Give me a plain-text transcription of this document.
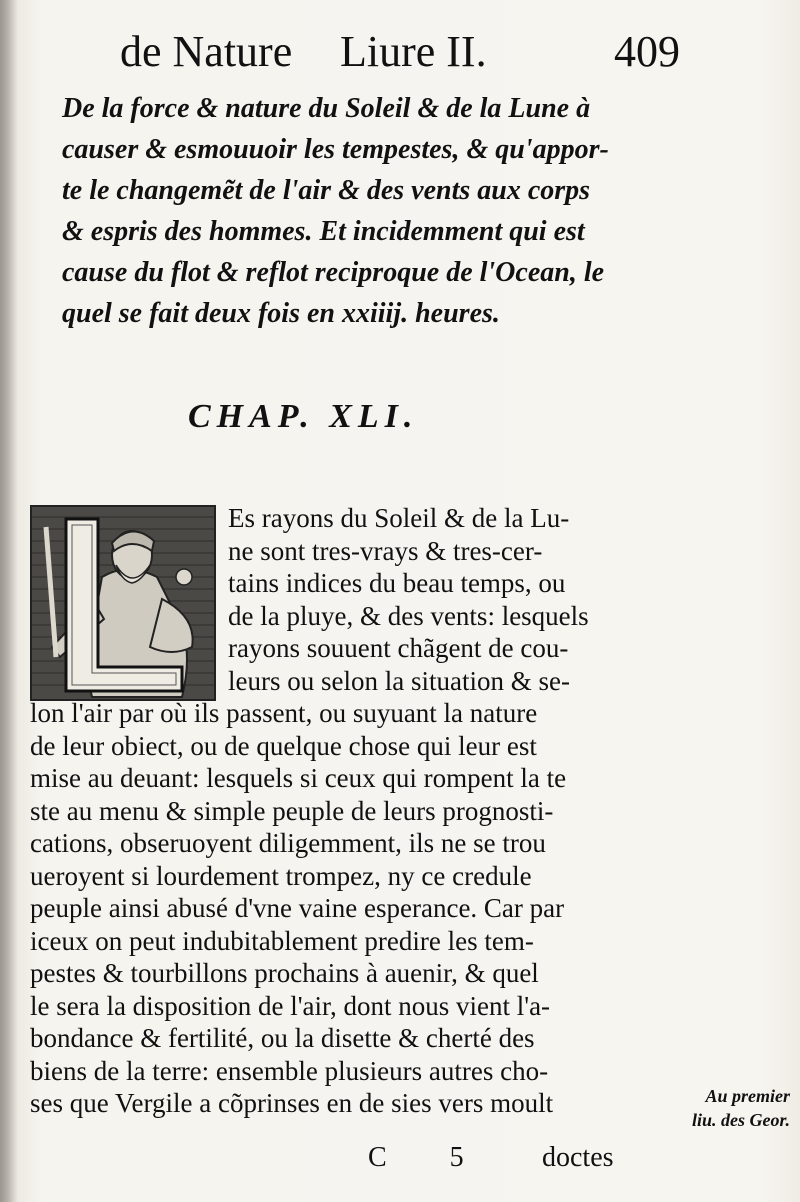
de Nature Liure II.	409
De la force & nature du Soleil & de la Lune à
causer & esmouuoir les tempestes, & qu'appor-
te le changemẽt de l'air & des vents aux corps
& espris des hommes. Et incidemment qui est
cause du flot & reflot reciproque de l'Ocean, le
quel se fait deux fois en xxiiij. heures.
CHAP. XLI.
Es rayons du Soleil & de la Lu-
ne sont tres-vrays & tres-cer-
tains indices du beau temps, ou
de la pluye, & des vents: lesquels
rayons souuent chãgent de cou-
leurs ou selon la situation & se-
lon l'air par où ils passent, ou suyuant la nature
de leur obiect, ou de quelque chose qui leur est
mise au deuant: lesquels si ceux qui rompent la te
ste au menu & simple peuple de leurs prognosti-
cations, obseruoyent diligemment, ils ne se trou
ueroyent si lourdement trompez, ny ce credule
peuple ainsi abusé d'vne vaine esperance. Car par
iceux on peut indubitablement predire les tem-
pestes & tourbillons prochains à auenir, & quel
le sera la disposition de l'air, dont nous vient l'a-
bondance & fertilité, ou la disette & cherté des
biens de la terre: ensemble plusieurs autres cho-
ses que Vergile a cõprinses en de sies vers moult	Au premier
liu. des Geor.
C 5 doctes
